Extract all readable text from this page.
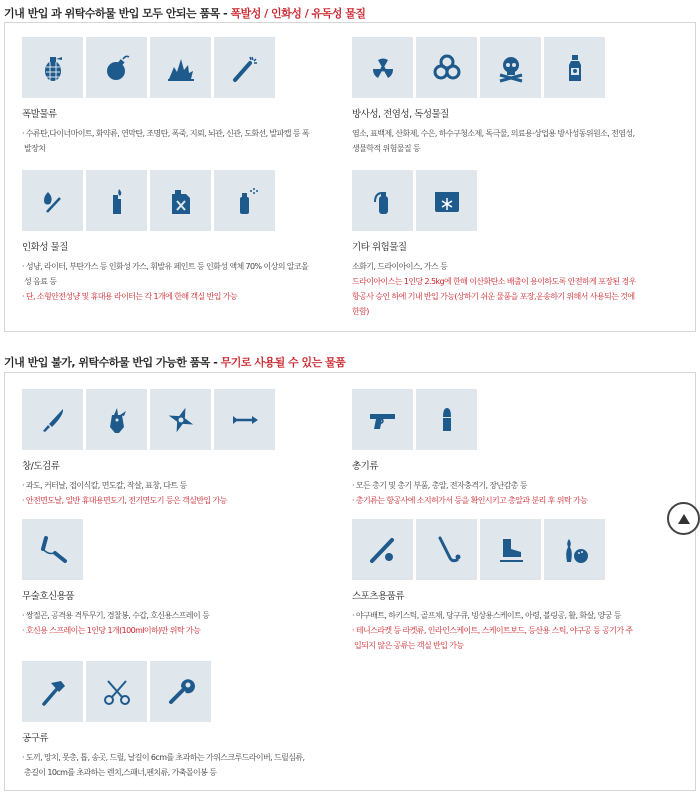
기내 반입 과 위탁수하물 반입 모두 안되는 품목 - 폭발성 / 인화성 / 유독성 물질
폭발물류
· 수류탄,다이너마이트, 화약류, 연막탄, 조명탄, 폭죽, 지뢰, 뇌관, 신관, 도화선, 발파캡 등 폭
발장치
방사성, 전염성, 독성물질
염소, 표백제, 산화제, 수은, 하수구청소제, 독극물, 의료용·상업용 방사성동위원소, 전염성,
생물학적 위험물질 등
인화성 물질
· 성냥, 라이터, 부탄가스 등 인화성 가스, 휘발유 페인트 등 인화성 액체 70% 이상의 알코올
성 음료 등
· 단, 소형안전성냥 및 휴대용 라이터는 각 1개에 한해 객실 반입 가능
기타 위험물질
소화기, 드라이아이스, 가스 등
드라이아이스는 1인당 2.5kg에 한해 이산화탄소 배출이 용이하도록 안전하게 포장된 경우
항공사 승인 하에 기내 반입 가능(상하기 쉬운 물품을 포장,운송하기 위해서 사용되는 것에
한함)
기내 반입 불가, 위탁수하물 반입 가능한 품목 - 무기로 사용될 수 있는 물품
창/도검류
· 과도, 커터날, 접이식칼, 면도칼, 작살, 표창, 다트 등
· 안전면도날, 일반 휴대용면도기, 전기면도기 등은 객실반입 가능
총기류
· 모든 총기 및 총기 부품, 총알, 전자충격기, 장난감총 등
· 총기류는 항공사에 소지허가서 등을 확인시키고 총알과 분리 후 위탁 가능
무술호신용품
· 쌍절곤, 공격용 격투무기, 경찰봉, 수갑, 호신용스프레이 등
· 호신용 스프레이는 1인당 1개(100ml이하)만 위탁 가능
스포츠용품류
· 야구배트, 하키스틱, 골프채, 당구큐, 빙상용스케이트, 아령, 볼링공, 활, 화살, 양궁 등
· 테니스라켓 등 라켓류, 인라인스케이트, 스케이트보드, 등산용 스틱, 야구공 등 공기가 주
입되지 않은 공류는 객실 반입 가능
공구류
· 도끼, 망치, 못총, 톱, 송곳, 드릴, 날길이 6cm를 초과하는 가위스크루드라이버, 드릴심류,
총길이 10cm를 초과하는 렌치,스패너,펜치류, 가축몰이봉 등
